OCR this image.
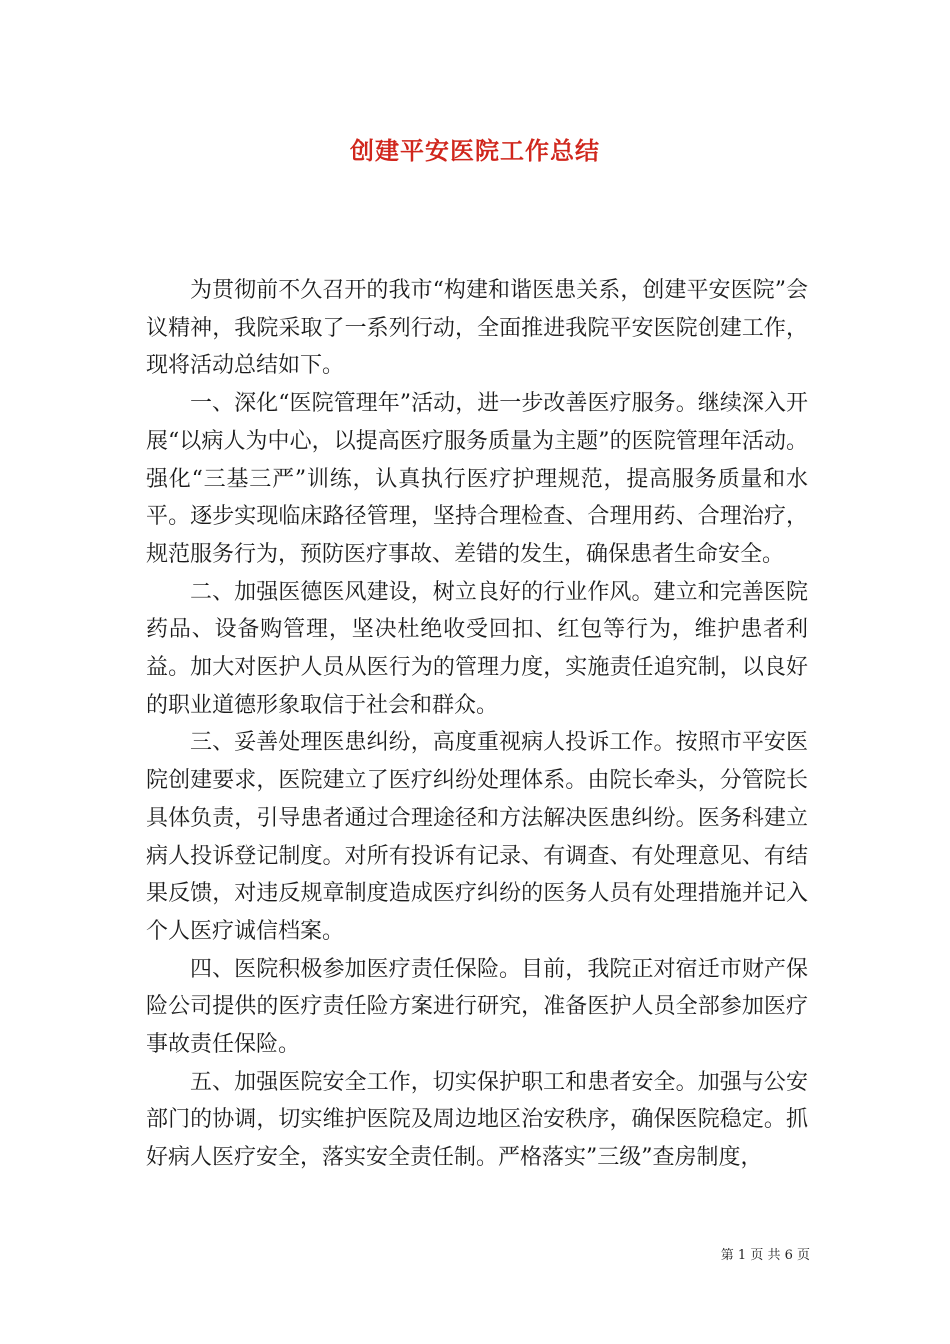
创建平安医院工作总结

为贯彻前不久召开的我市“构建和谐医患关系，创建平安医院”会议精神，我院采取了一系列行动，全面推进我院平安医院创建工作，现将活动总结如下。

一、深化“医院管理年”活动，进一步改善医疗服务。继续深入开展“以病人为中心，以提高医疗服务质量为主题”的医院管理年活动。强化“三基三严”训练，认真执行医疗护理规范，提高服务质量和水平。逐步实现临床路径管理，坚持合理检查、合理用药、合理治疗，规范服务行为，预防医疗事故、差错的发生，确保患者生命安全。

二、加强医德医风建设，树立良好的行业作风。建立和完善医院药品、设备购管理，坚决杜绝收受回扣、红包等行为，维护患者利益。加大对医护人员从医行为的管理力度，实施责任追究制，以良好的职业道德形象取信于社会和群众。

三、妥善处理医患纠纷，高度重视病人投诉工作。按照市平安医院创建要求，医院建立了医疗纠纷处理体系。由院长牵头，分管院长具体负责，引导患者通过合理途径和方法解决医患纠纷。医务科建立病人投诉登记制度。对所有投诉有记录、有调查、有处理意见、有结果反馈，对违反规章制度造成医疗纠纷的医务人员有处理措施并记入个人医疗诚信档案。

四、医院积极参加医疗责任保险。目前，我院正对宿迁市财产保险公司提供的医疗责任险方案进行研究，准备医护人员全部参加医疗事故责任保险。

五、加强医院安全工作，切实保护职工和患者安全。加强与公安部门的协调，切实维护医院及周边地区治安秩序，确保医院稳定。抓好病人医疗安全，落实安全责任制。严格落实”三级”查房制度，

第 1 页 共 6 页
